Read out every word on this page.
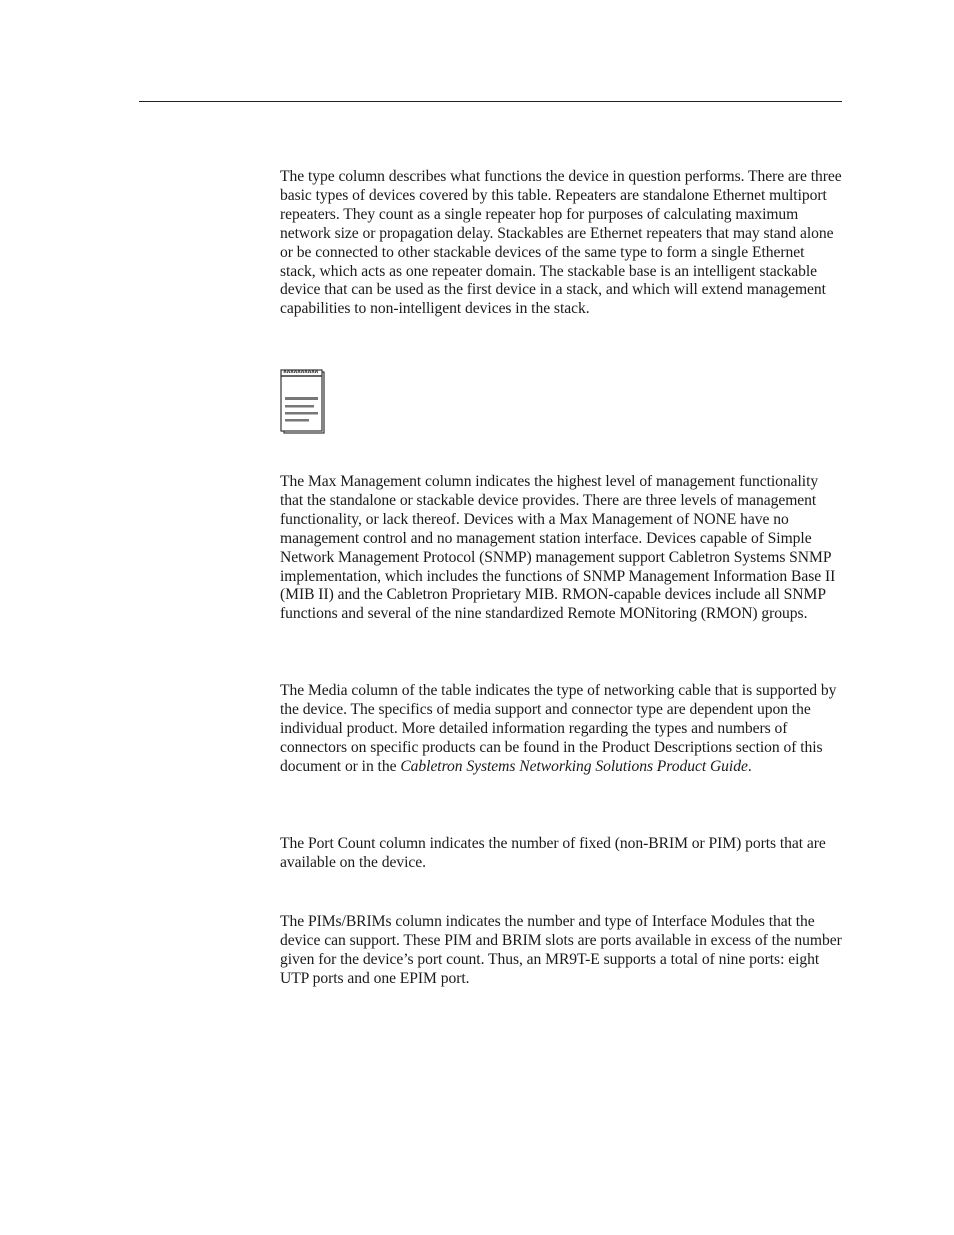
The type column describes what functions the device in question performs. There are three basic types of devices covered by this table. Repeaters are standalone Ethernet multiport repeaters. They count as a single repeater hop for purposes of calculating maximum network size or propagation delay. Stackables are Ethernet repeaters that may stand alone or be connected to other stackable devices of the same type to form a single Ethernet stack, which acts as one repeater domain. The stackable base is an intelligent stackable device that can be used as the first device in a stack, and which will extend management capabilities to non-intelligent devices in the stack.

The Max Management column indicates the highest level of management functionality that the standalone or stackable device provides. There are three levels of management functionality, or lack thereof. Devices with a Max Management of NONE have no management control and no management station interface. Devices capable of Simple Network Management Protocol (SNMP) management support Cabletron Systems SNMP implementation, which includes the functions of SNMP Management Information Base II (MIB II) and the Cabletron Proprietary MIB. RMON-capable devices include all SNMP functions and several of the nine standardized Remote MONitoring (RMON) groups.

The Media column of the table indicates the type of networking cable that is supported by the device. The specifics of media support and connector type are dependent upon the individual product. More detailed information regarding the types and numbers of connectors on specific products can be found in the Product Descriptions section of this document or in the Cabletron Systems Networking Solutions Product Guide.

The Port Count column indicates the number of fixed (non-BRIM or PIM) ports that are available on the device.

The PIMs/BRIMs column indicates the number and type of Interface Modules that the device can support. These PIM and BRIM slots are ports available in excess of the number given for the device’s port count. Thus, an MR9T-E supports a total of nine ports: eight UTP ports and one EPIM port.
